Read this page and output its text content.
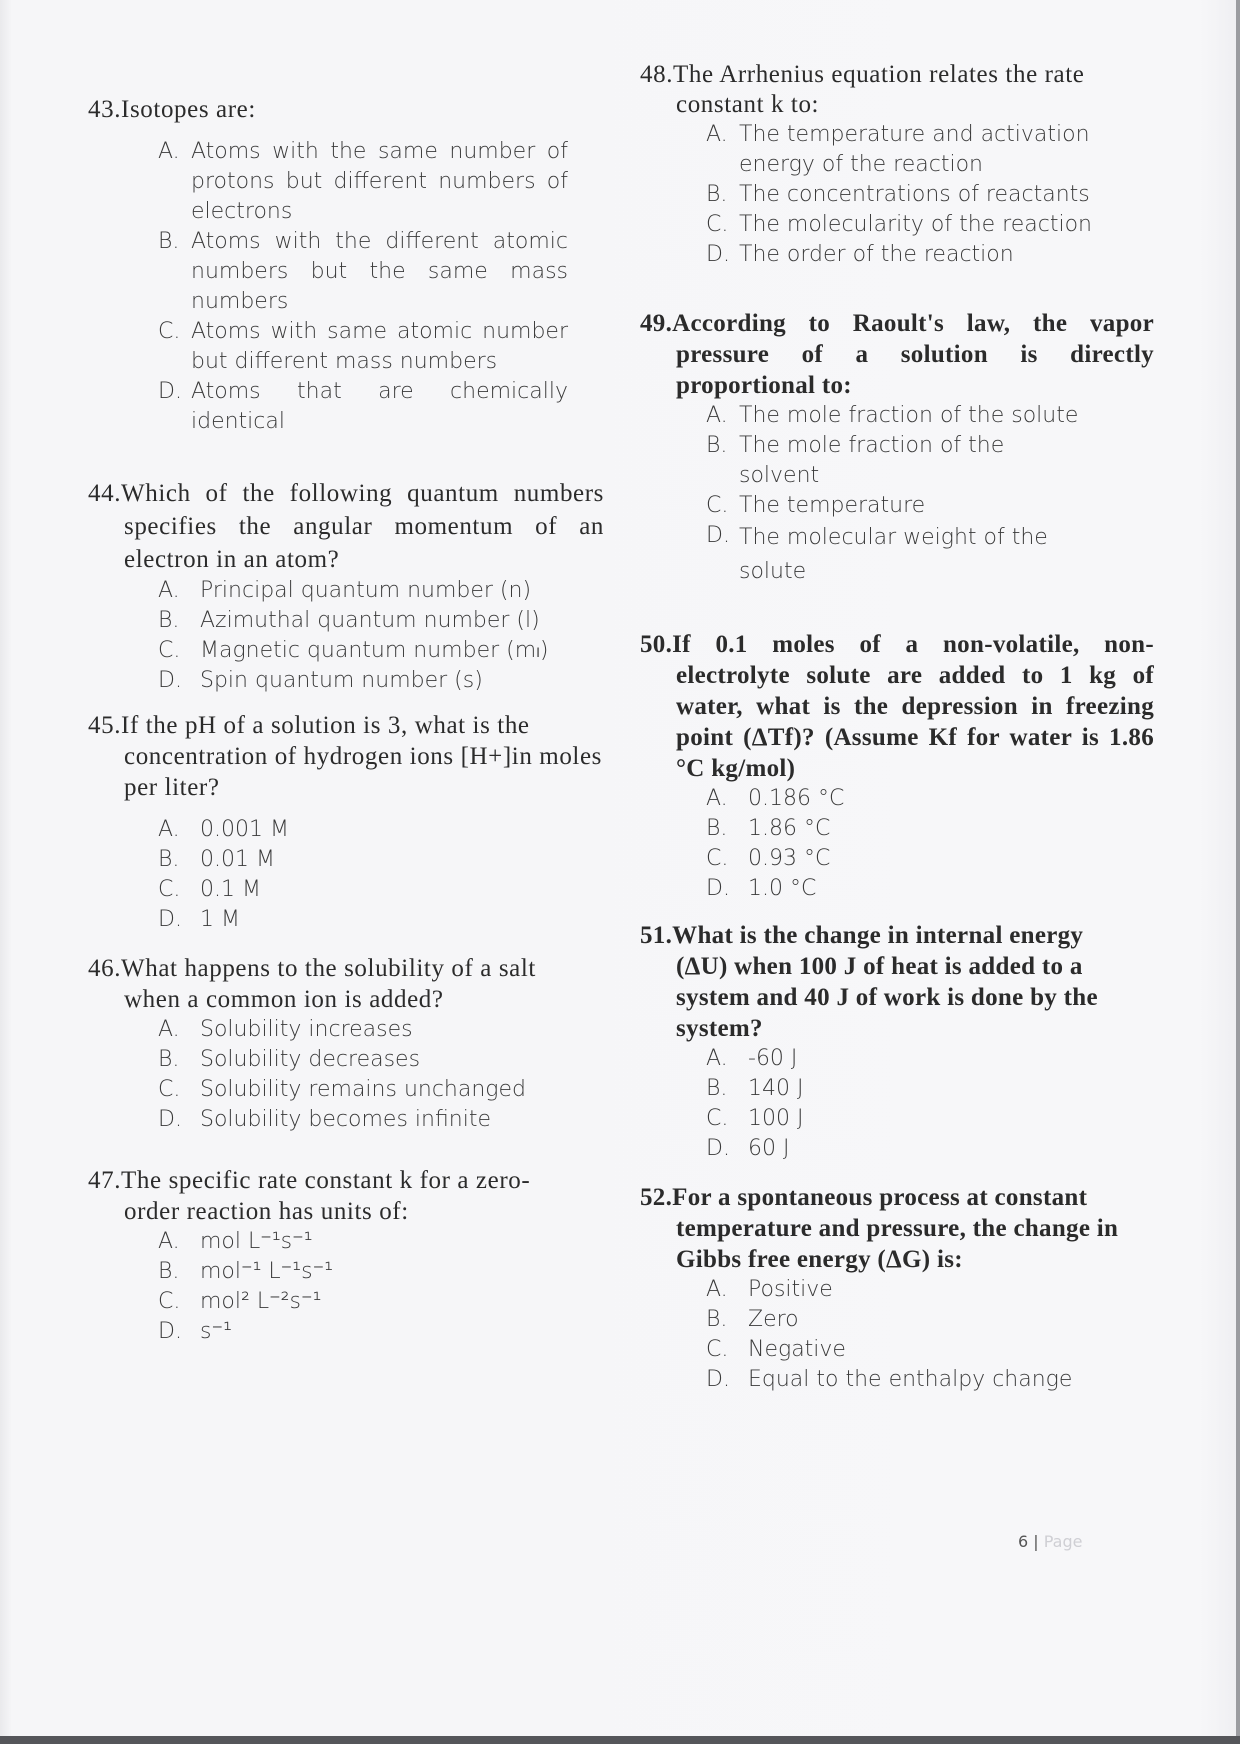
43.Isotopes are:
A. Atoms with the same number of protons but different numbers of electrons
B. Atoms with the different atomic numbers but the same mass numbers
C. Atoms with same atomic number but different mass numbers
D. Atoms that are chemically identical
44.Which of the following quantum numbers specifies the angular momentum of an electron in an atom?
A. Principal quantum number (n)
B. Azimuthal quantum number (l)
C. Magnetic quantum number (mₗ)
D. Spin quantum number (s)
45.If the pH of a solution is 3, what is the concentration of hydrogen ions [H+]in moles per liter?
A. 0.001 M
B. 0.01 M
C. 0.1 M
D. 1 M
46.What happens to the solubility of a salt when a common ion is added?
A. Solubility increases
B. Solubility decreases
C. Solubility remains unchanged
D. Solubility becomes infinite
47.The specific rate constant k for a zero-order reaction has units of:
A. mol L⁻¹s⁻¹
B. mol⁻¹ L⁻¹s⁻¹
C. mol² L⁻²s⁻¹
D. s⁻¹
48.The Arrhenius equation relates the rate constant k to:
A. The temperature and activation energy of the reaction
B. The concentrations of reactants
C. The molecularity of the reaction
D. The order of the reaction
49.According to Raoult's law, the vapor pressure of a solution is directly proportional to:
A. The mole fraction of the solute
B. The mole fraction of the solvent
C. The temperature
D. The molecular weight of the solute
50.If 0.1 moles of a non-volatile, non-electrolyte solute are added to 1 kg of water, what is the depression in freezing point (ΔTf)? (Assume Kf for water is 1.86 °C kg/mol)
A. 0.186 °C
B. 1.86 °C
C. 0.93 °C
D. 1.0 °C
51.What is the change in internal energy (ΔU) when 100 J of heat is added to a system and 40 J of work is done by the system?
A. -60 J
B. 140 J
C. 100 J
D. 60 J
52.For a spontaneous process at constant temperature and pressure, the change in Gibbs free energy (ΔG) is:
A. Positive
B. Zero
C. Negative
D. Equal to the enthalpy change
6 | Page
